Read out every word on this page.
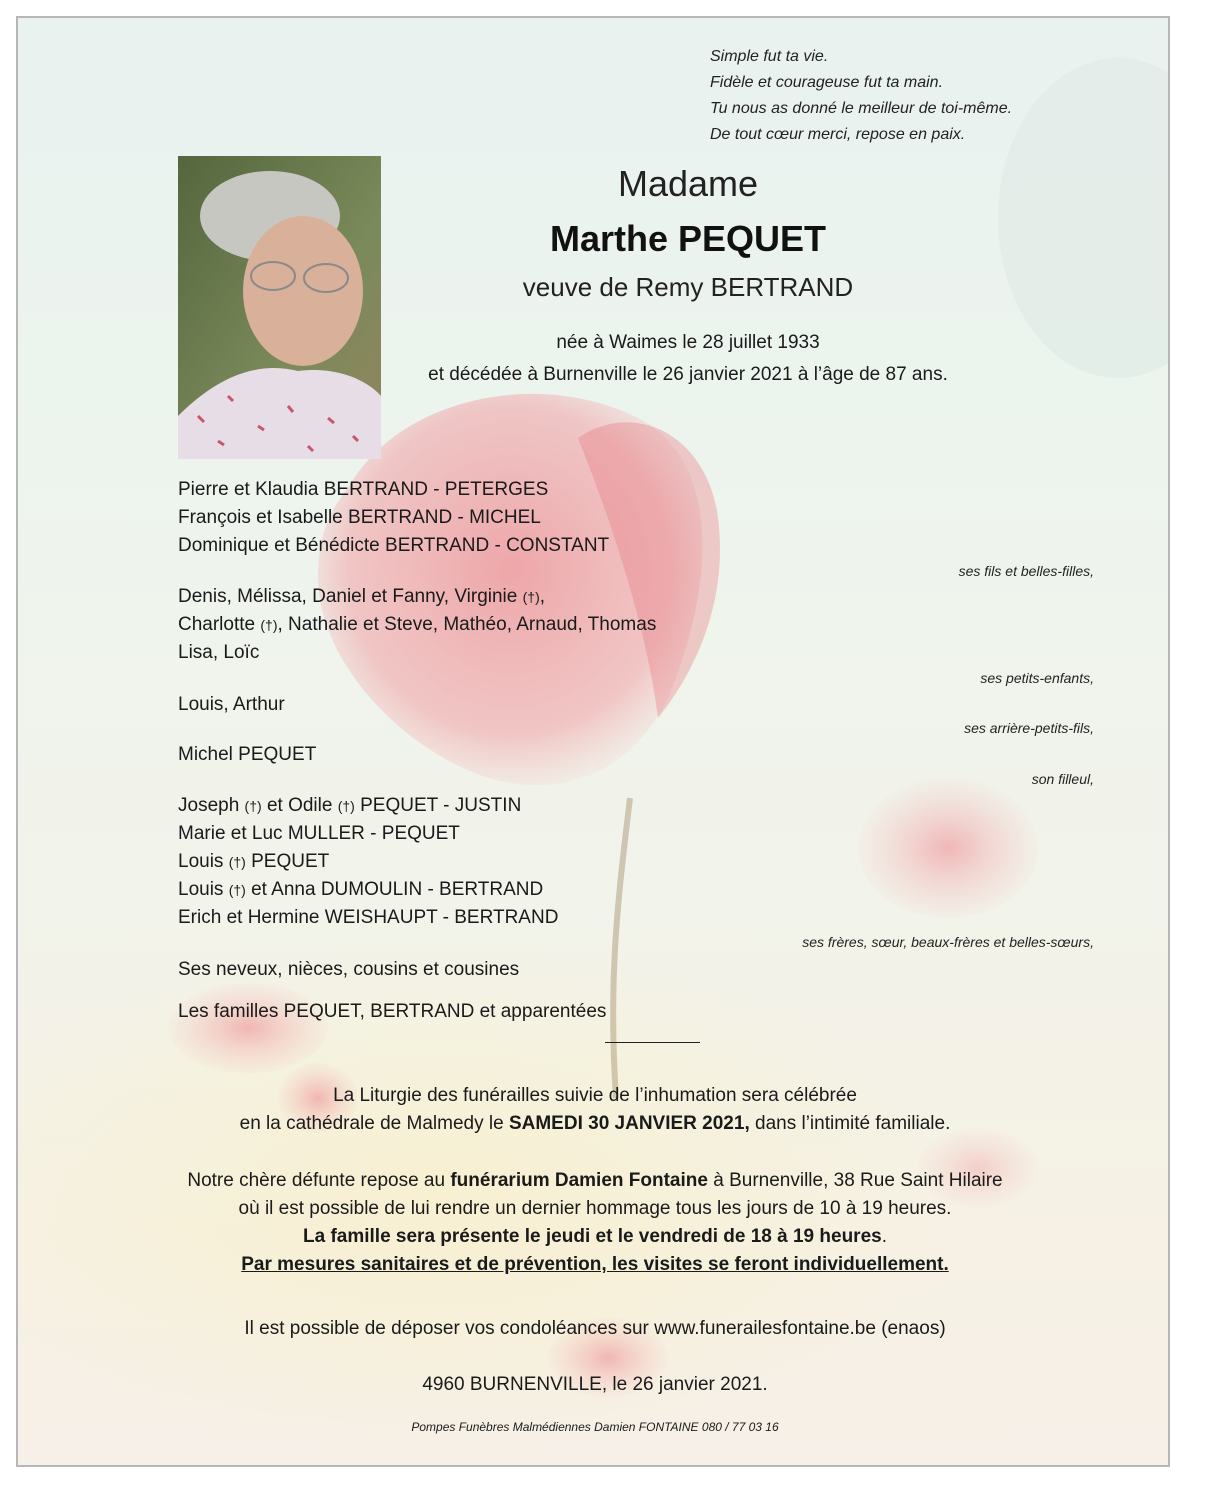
Simple fut ta vie.
Fidèle et courageuse fut ta main.
Tu nous as donné le meilleur de toi-même.
De tout cœur merci, repose en paix.
Madame
Marthe PEQUET
veuve de Remy BERTRAND
née à Waimes le 28 juillet 1933
et décédée à Burnenville le 26 janvier 2021 à l’âge de 87 ans.
Pierre et Klaudia BERTRAND - PETERGES
François et Isabelle BERTRAND - MICHEL
Dominique et Bénédicte BERTRAND - CONSTANT
ses fils et belles-filles,
Denis, Mélissa, Daniel et Fanny, Virginie (†),
Charlotte (†), Nathalie et Steve, Mathéo, Arnaud, Thomas
Lisa, Loïc
ses petits-enfants,
Louis, Arthur
ses arrière-petits-fils,
Michel PEQUET
son filleul,
Joseph (†) et Odile (†) PEQUET - JUSTIN
Marie et Luc MULLER - PEQUET
Louis (†) PEQUET
Louis (†) et Anna DUMOULIN - BERTRAND
Erich et Hermine WEISHAUPT - BERTRAND
ses frères, sœur, beaux-frères et belles-sœurs,
Ses neveux, nièces, cousins et cousines
Les familles PEQUET, BERTRAND et apparentées
La Liturgie des funérailles suivie de l’inhumation sera célébrée
en la cathédrale de Malmedy le SAMEDI 30 JANVIER 2021, dans l’intimité familiale.
Notre chère défunte repose au funérarium Damien Fontaine à Burnenville, 38 Rue Saint Hilaire
où il est possible de lui rendre un dernier hommage tous les jours de 10 à 19 heures.
La famille sera présente le jeudi et le vendredi de 18 à 19 heures.
Par mesures sanitaires et de prévention, les visites se feront individuellement.
Il est possible de déposer vos condoléances sur www.funerailesfontaine.be (enaos)
4960 BURNENVILLE, le 26 janvier 2021.
Pompes Funèbres Malmédiennes Damien FONTAINE 080 / 77 03 16
